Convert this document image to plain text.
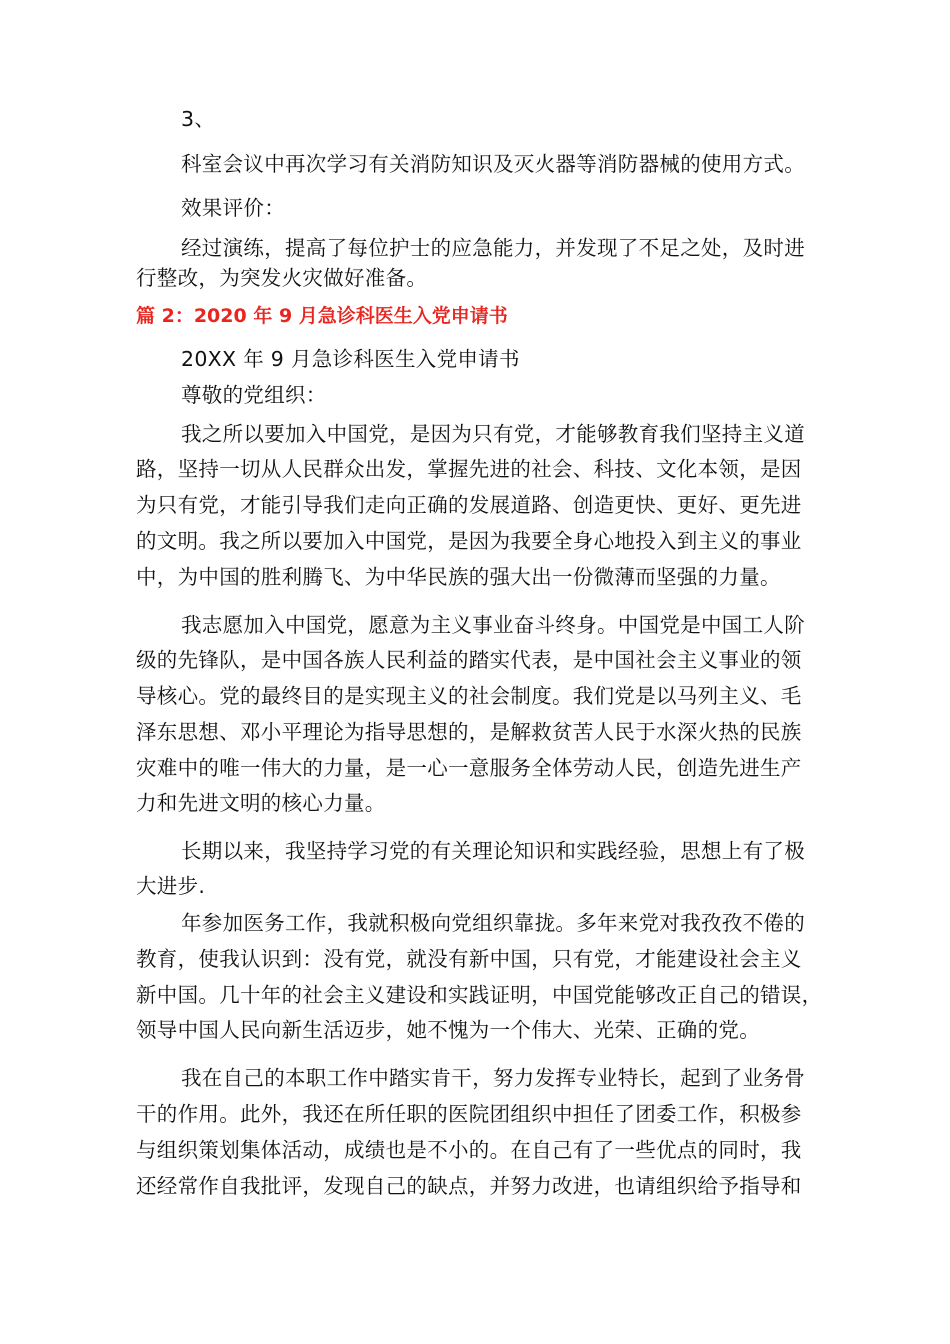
3、
科室会议中再次学习有关消防知识及灭火器等消防器械的使用方式。
效果评价：
经过演练，提高了每位护士的应急能力，并发现了不足之处，及时进
行整改，为突发火灾做好准备。
篇 2：2020 年 9 月急诊科医生入党申请书
20XX 年 9 月急诊科医生入党申请书
尊敬的党组织：
我之所以要加入中国党，是因为只有党，才能够教育我们坚持主义道
路，坚持一切从人民群众出发，掌握先进的社会、科技、文化本领，是因
为只有党，才能引导我们走向正确的发展道路、创造更快、更好、更先进
的文明。我之所以要加入中国党，是因为我要全身心地投入到主义的事业
中，为中国的胜利腾飞、为中华民族的强大出一份微薄而坚强的力量。
我志愿加入中国党，愿意为主义事业奋斗终身。中国党是中国工人阶
级的先锋队，是中国各族人民利益的踏实代表，是中国社会主义事业的领
导核心。党的最终目的是实现主义的社会制度。我们党是以马列主义、毛
泽东思想、邓小平理论为指导思想的，是解救贫苦人民于水深火热的民族
灾难中的唯一伟大的力量，是一心一意服务全体劳动人民，创造先进生产
力和先进文明的核心力量。
长期以来，我坚持学习党的有关理论知识和实践经验，思想上有了极
大进步.
年参加医务工作，我就积极向党组织靠拢。多年来党对我孜孜不倦的
教育，使我认识到：没有党，就没有新中国，只有党，才能建设社会主义
新中国。几十年的社会主义建设和实践证明，中国党能够改正自己的错误，
领导中国人民向新生活迈步，她不愧为一个伟大、光荣、正确的党。
我在自己的本职工作中踏实肯干，努力发挥专业特长，起到了业务骨
干的作用。此外，我还在所任职的医院团组织中担任了团委工作，积极参
与组织策划集体活动，成绩也是不小的。在自己有了一些优点的同时，我
还经常作自我批评，发现自己的缺点，并努力改进，也请组织给予指导和
